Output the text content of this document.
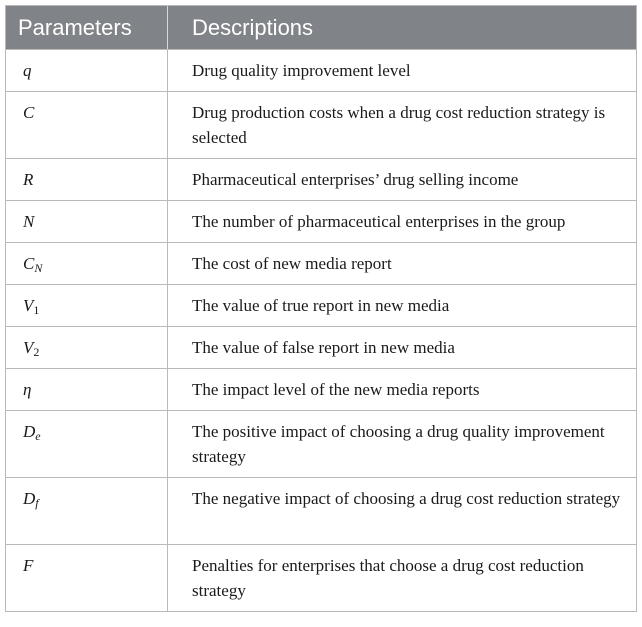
Parameters	Descriptions
q	Drug quality improvement level
C	Drug production costs when a drug cost reduction strategy is selected
R	Pharmaceutical enterprises’ drug selling income
N	The number of pharmaceutical enterprises in the group
$C_N$	The cost of new media report
$V_1$	The value of true report in new media
$V_2$	The value of false report in new media
η	The impact level of the new media reports
$D_e$	The positive impact of choosing a drug quality improvement strategy
$D_f$	The negative impact of choosing a drug cost reduction strategy
F	Penalties for enterprises that choose a drug cost reduction strategy
